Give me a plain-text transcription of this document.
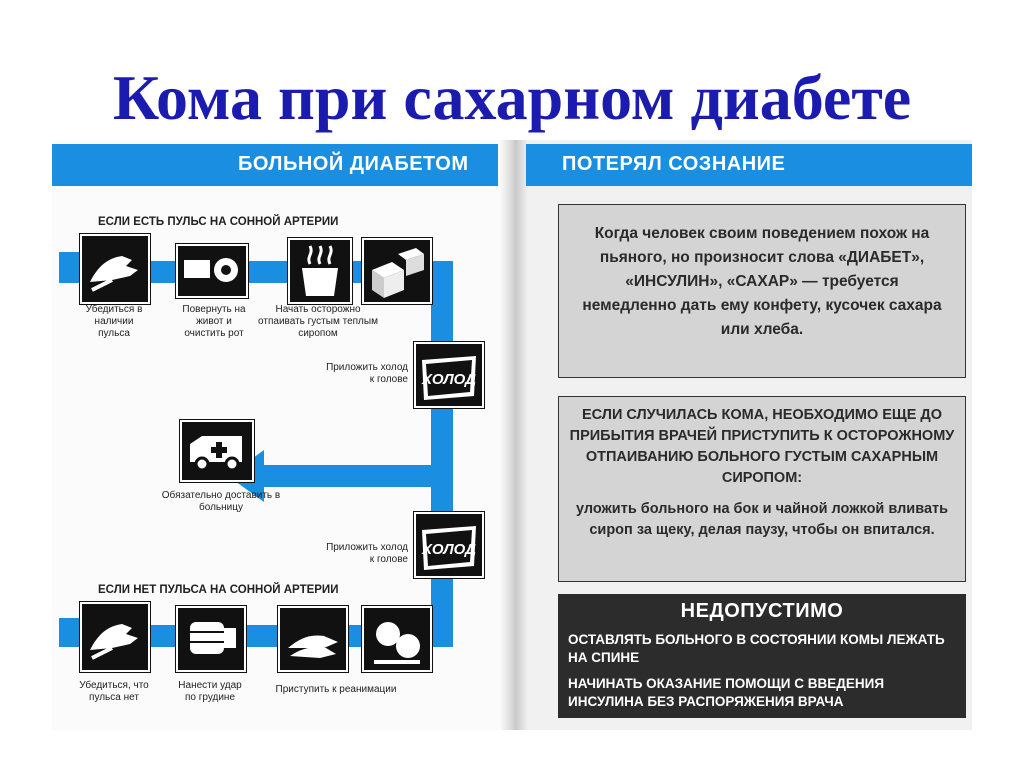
Кома при сахарном диабете
БОЛЬНОЙ ДИАБЕТОМ	ПОТЕРЯЛ СОЗНАНИЕ
ЕСЛИ ЕСТЬ ПУЛЬС НА СОННОЙ АРТЕРИИ
Убедиться в наличии пульса
Повернуть на живот и очистить рот
Начать осторожно отпаивать густым теплым сиропом
Приложить холод к голове ХОЛОД
Обязательно доставить в больницу
Приложить холод к голове
ХОЛОД
ЕСЛИ НЕТ ПУЛЬСА НА СОННОЙ АРТЕРИИ
Убедиться, что пульса нет
Нанести удар по грудине
Приступить к реанимации
Когда человек своим поведением похож на пьяного, но произносит слова «ДИАБЕТ», «ИНСУЛИН», «САХАР» — требуется немедленно дать ему конфету, кусочек сахара или хлеба.
ЕСЛИ СЛУЧИЛАСЬ КОМА, НЕОБХОДИМО ЕЩЕ ДО ПРИБЫТИЯ ВРАЧЕЙ ПРИСТУПИТЬ К ОСТОРОЖНОМУ ОТПАИВАНИЮ БОЛЬНОГО ГУСТЫМ САХАРНЫМ СИРОПОМ:
уложить больного на бок и чайной ложкой вливать сироп за щеку, делая паузу, чтобы он впитался.
НЕДОПУСТИМО
ОСТАВЛЯТЬ БОЛЬНОГО В СОСТОЯНИИ КОМЫ ЛЕЖАТЬ НА СПИНЕ
НАЧИНАТЬ ОКАЗАНИЕ ПОМОЩИ С ВВЕДЕНИЯ ИНСУЛИНА БЕЗ РАСПОРЯЖЕНИЯ ВРАЧА
